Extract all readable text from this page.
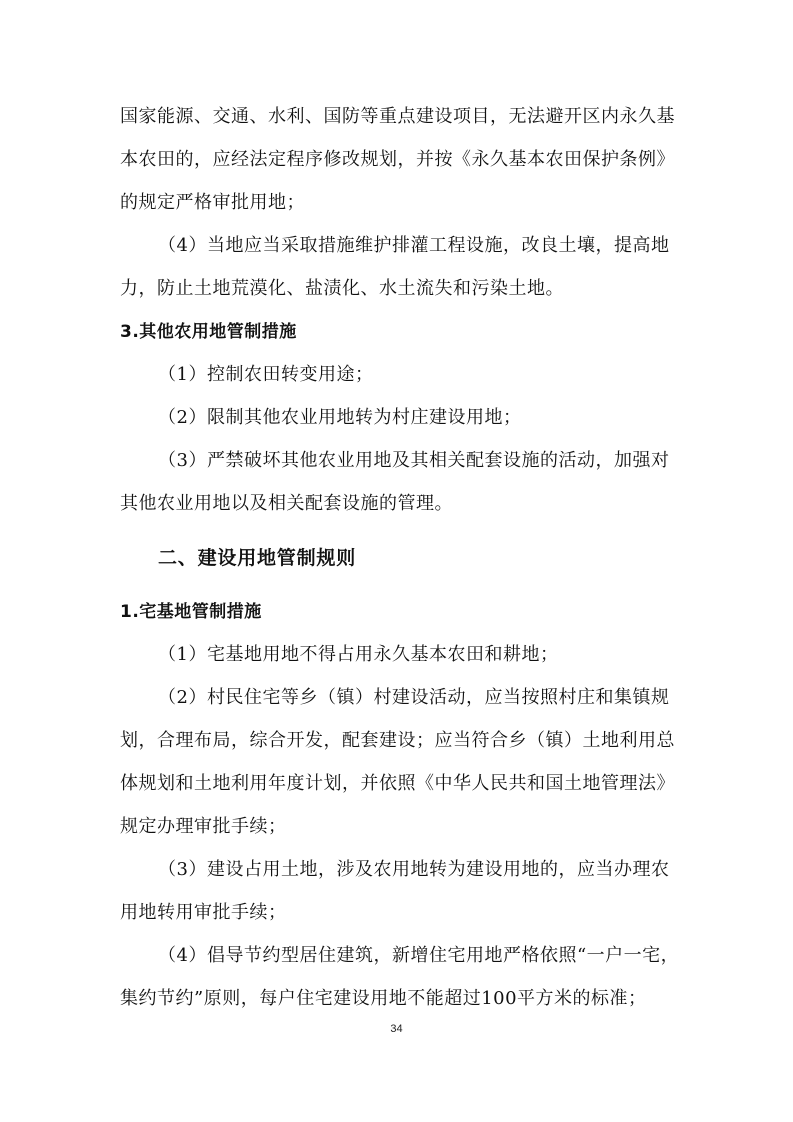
国家能源、交通、水利、国防等重点建设项目，无法避开区内永久基

本农田的，应经法定程序修改规划，并按《永久基本农田保护条例》

的规定严格审批用地；

（4）当地应当采取措施维护排灌工程设施，改良土壤，提高地

力，防止土地荒漠化、盐渍化、水土流失和污染土地。

3.其他农用地管制措施

（1）控制农田转变用途；

（2）限制其他农业用地转为村庄建设用地；

（3）严禁破坏其他农业用地及其相关配套设施的活动，加强对

其他农业用地以及相关配套设施的管理。

二、建设用地管制规则

1.宅基地管制措施

（1）宅基地用地不得占用永久基本农田和耕地；

（2）村民住宅等乡（镇）村建设活动，应当按照村庄和集镇规

划，合理布局，综合开发，配套建设；应当符合乡（镇）土地利用总

体规划和土地利用年度计划，并依照《中华人民共和国土地管理法》

规定办理审批手续；

（3）建设占用土地，涉及农用地转为建设用地的，应当办理农

用地转用审批手续；

（4）倡导节约型居住建筑，新增住宅用地严格依照“一户一宅，

集约节约”原则，每户住宅建设用地不能超过100平方米的标准；

34
